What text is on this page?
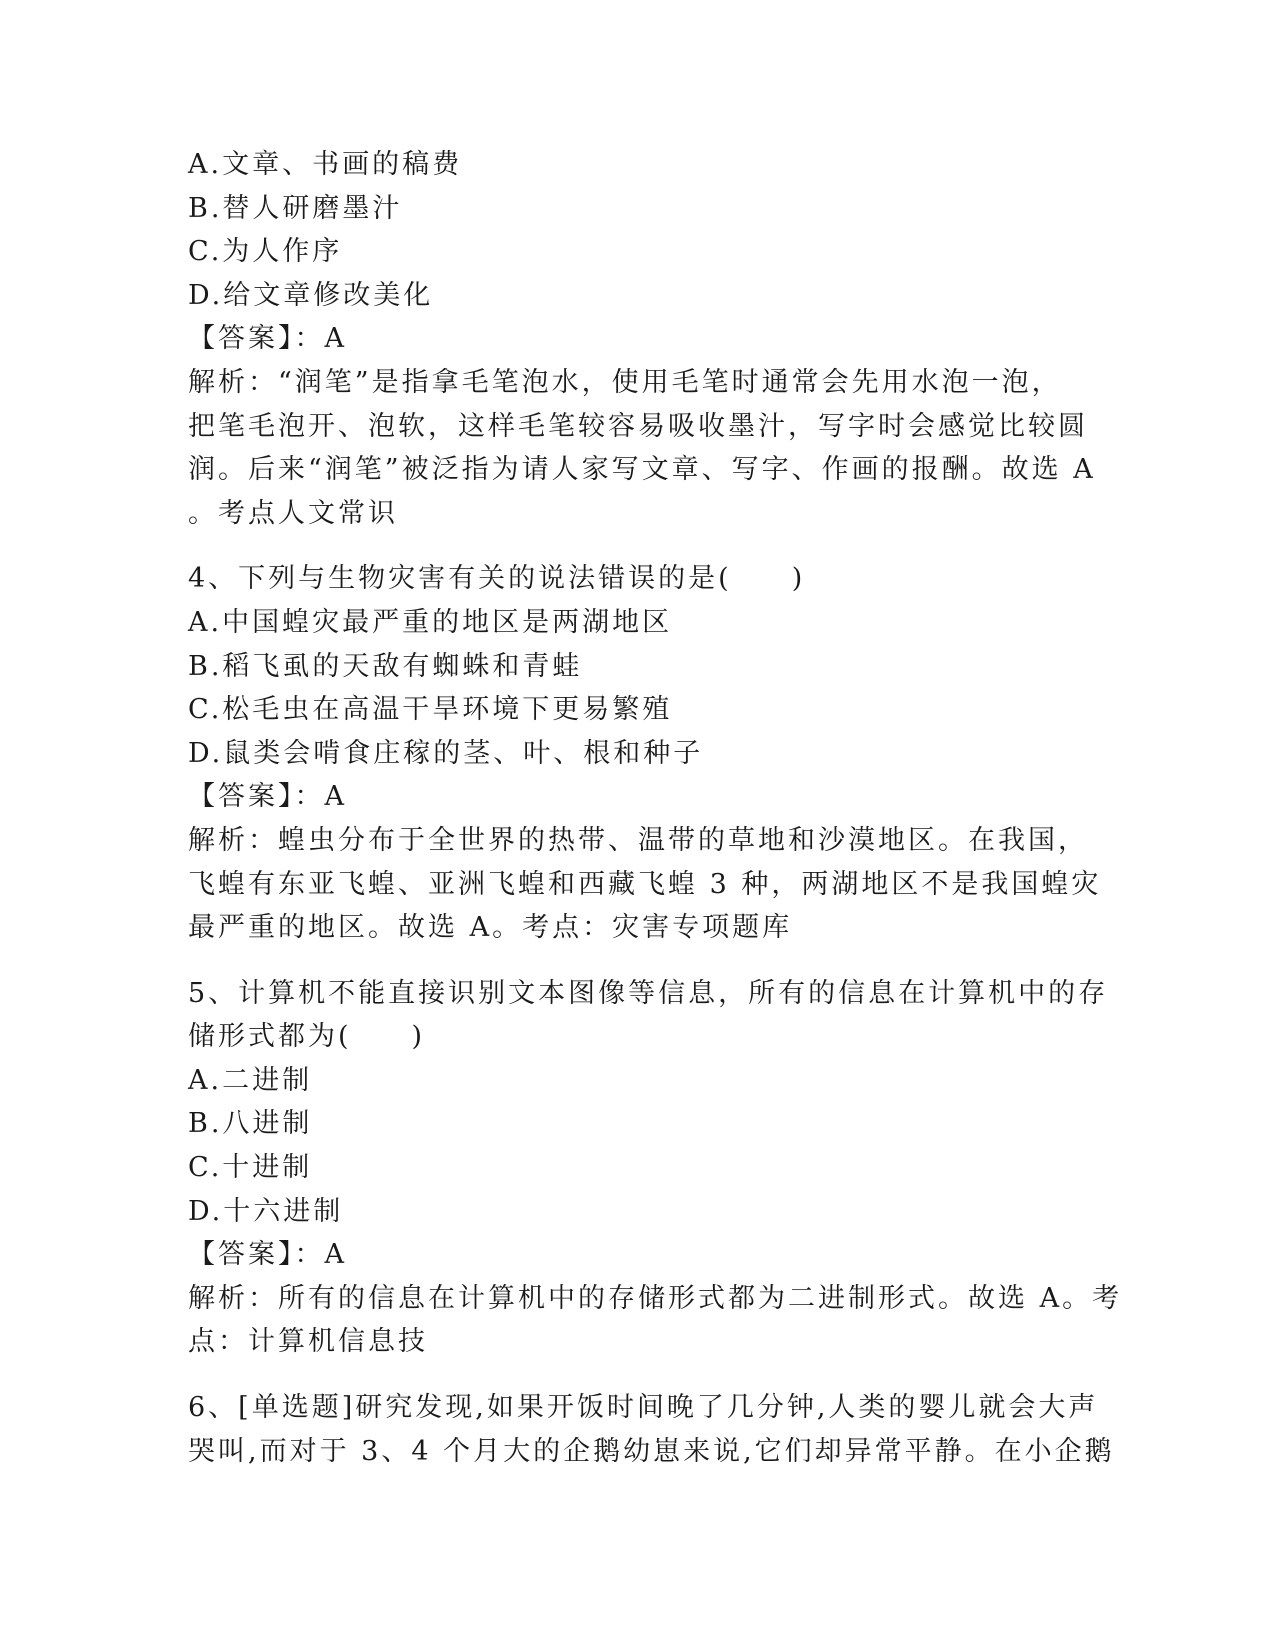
A.文章、书画的稿费

B.替人研磨墨汁

C.为人作序

D.给文章修改美化

【答案】：A

解析：“润笔”是指拿毛笔泡水，使用毛笔时通常会先用水泡一泡，

把笔毛泡开、泡软，这样毛笔较容易吸收墨汁，写字时会感觉比较圆

润。后来“润笔”被泛指为请人家写文章、写字、作画的报酬。故选 A

。考点人文常识

4、下列与生物灾害有关的说法错误的是(　　)

A.中国蝗灾最严重的地区是两湖地区

B.稻飞虱的天敌有蜘蛛和青蛙

C.松毛虫在高温干旱环境下更易繁殖

D.鼠类会啃食庄稼的茎、叶、根和种子

【答案】：A

解析：蝗虫分布于全世界的热带、温带的草地和沙漠地区。在我国，

飞蝗有东亚飞蝗、亚洲飞蝗和西藏飞蝗 3 种，两湖地区不是我国蝗灾

最严重的地区。故选 A。考点：灾害专项题库

5、计算机不能直接识别文本图像等信息，所有的信息在计算机中的存

储形式都为(　　)

A.二进制

B.八进制

C.十进制

D.十六进制

【答案】：A

解析：所有的信息在计算机中的存储形式都为二进制形式。故选 A。考

点：计算机信息技

6、[单选题]研究发现,如果开饭时间晚了几分钟,人类的婴儿就会大声

哭叫,而对于 3、4 个月大的企鹅幼崽来说,它们却异常平静。在小企鹅
